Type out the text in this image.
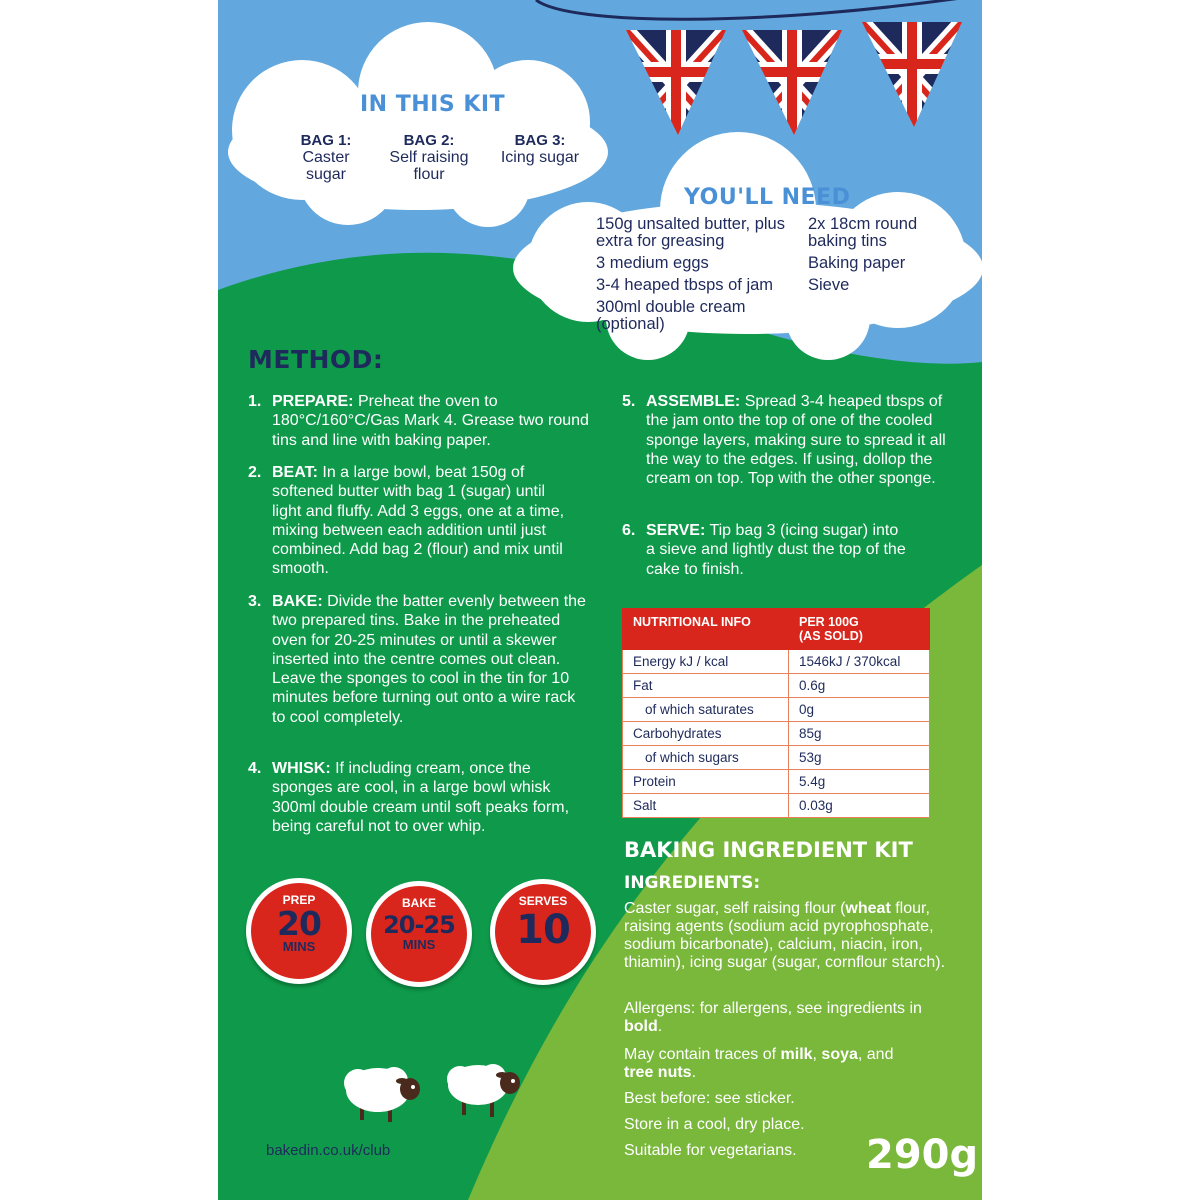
IN THIS KIT
BAG 1:
Caster sugar
BAG 2:
Self raising flour
BAG 3:
Icing sugar
YOU'LL NEED
150g unsalted butter, plus extra for greasing
3 medium eggs
3-4 heaped tbsps of jam
300ml double cream (optional)
2x 18cm round baking tins
Baking paper
Sieve
METHOD:
1. PREPARE: Preheat the oven to 180°C/160°C/Gas Mark 4. Grease two round tins and line with baking paper.
2. BEAT: In a large bowl, beat 150g of softened butter with bag 1 (sugar) until light and fluffy. Add 3 eggs, one at a time, mixing between each addition until just combined. Add bag 2 (flour) and mix until smooth.
3. BAKE: Divide the batter evenly between the two prepared tins. Bake in the preheated oven for 20-25 minutes or until a skewer inserted into the centre comes out clean. Leave the sponges to cool in the tin for 10 minutes before turning out onto a wire rack to cool completely.
4. WHISK: If including cream, once the sponges are cool, in a large bowl whisk 300ml double cream until soft peaks form, being careful not to over whip.
5. ASSEMBLE: Spread 3-4 heaped tbsps of the jam onto the top of one of the cooled sponge layers, making sure to spread it all the way to the edges. If using, dollop the cream on top. Top with the other sponge.
6. SERVE: Tip bag 3 (icing sugar) into a sieve and lightly dust the top of the cake to finish.
NUTRITIONAL INFO	PER 100G
(AS SOLD)
Energy kJ / kcal	1546kJ / 370kcal
Fat	0.6g
of which saturates	0g
Carbohydrates	85g
of which sugars	53g
Protein	5.4g
Salt	0.03g
PREP
20
MINS
BAKE
20-25
MINS
SERVES
10
BAKING INGREDIENT KIT
INGREDIENTS:
Caster sugar, self raising flour (wheat flour, raising agents (sodium acid pyrophosphate, sodium bicarbonate), calcium, niacin, iron, thiamin), icing sugar (sugar, cornflour starch).
Allergens: for allergens, see ingredients in bold.
May contain traces of milk, soya, and tree nuts.
Best before: see sticker.
Store in a cool, dry place.
Suitable for vegetarians.
bakedin.co.uk/club	290g
